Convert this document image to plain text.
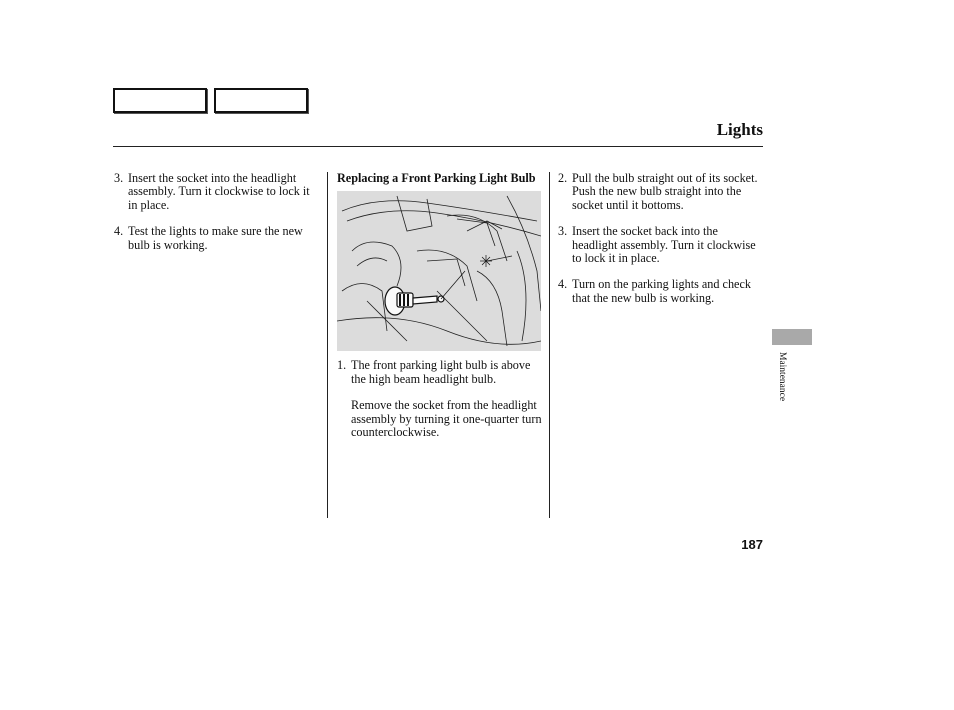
Lights
3. Insert the socket into the headlight assembly. Turn it clockwise to lock it in place.

4. Test the lights to make sure the new bulb is working.

Replacing a Front Parking Light Bulb
1. The front parking light bulb is above the high beam headlight bulb.

Remove the socket from the headlight assembly by turning it one-quarter turn counterclockwise.

2. Pull the bulb straight out of its socket. Push the new bulb straight into the socket until it bottoms.

3. Insert the socket back into the headlight assembly. Turn it clockwise to lock it in place.

4. Turn on the parking lights and check that the new bulb is working.

Maintenance
187
